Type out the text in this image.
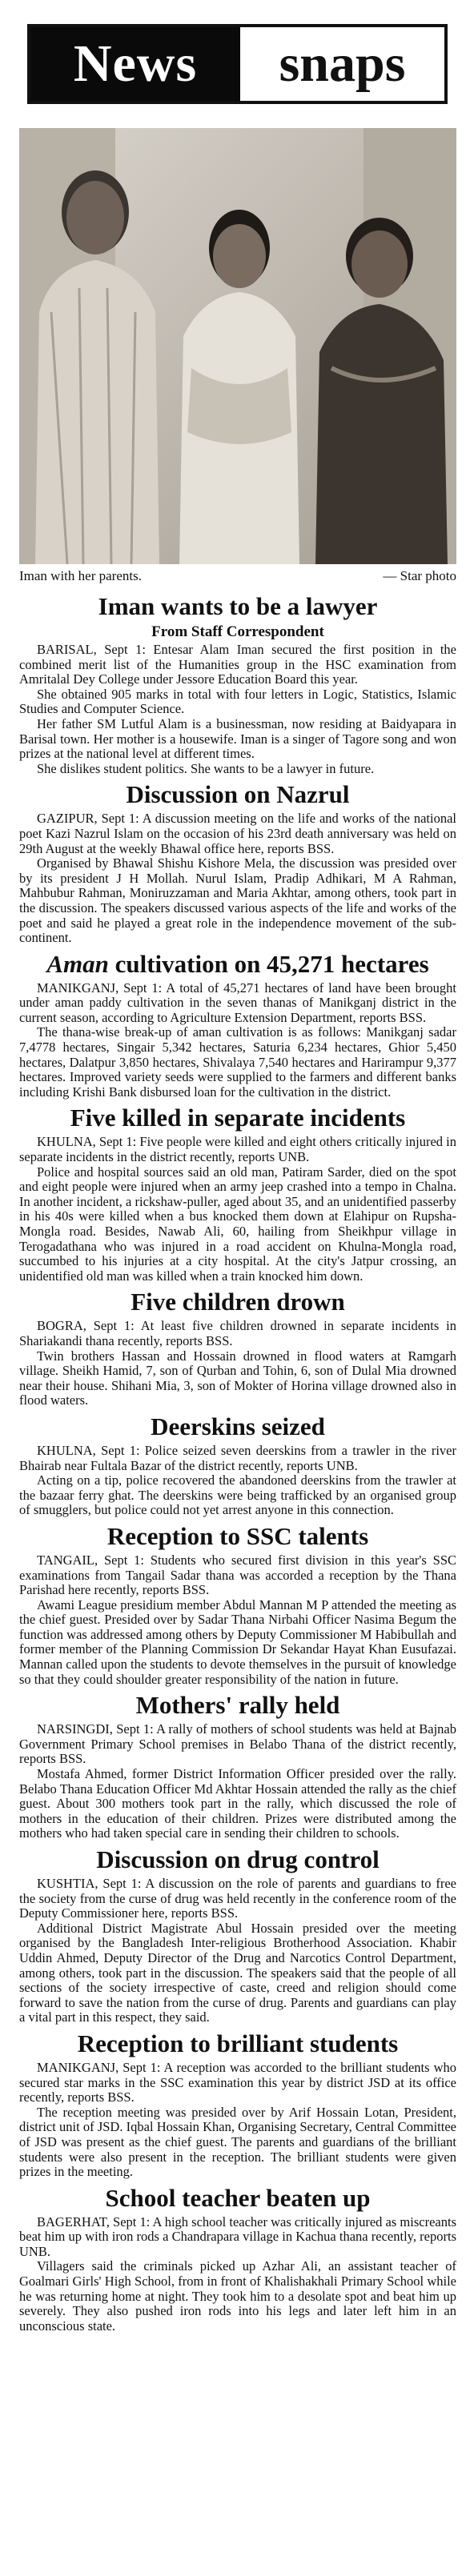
News	snaps
Iman with her parents.	— Star photo
Iman wants to be a lawyer
From Staff Correspondent

BARISAL, Sept 1: Entesar Alam Iman secured the first position in the combined merit list of the Humanities group in the HSC examination from Amritalal Dey College under Jessore Education Board this year.

She obtained 905 marks in total with four letters in Logic, Statistics, Islamic Studies and Computer Science.

Her father SM Lutful Alam is a businessman, now residing at Baidyapara in Barisal town. Her mother is a housewife. Iman is a singer of Tagore song and won prizes at the national level at different times.

She dislikes student politics. She wants to be a lawyer in future.

Discussion on Nazrul

GAZIPUR, Sept 1: A discussion meeting on the life and works of the national poet Kazi Nazrul Islam on the occasion of his 23rd death anniversary was held on 29th August at the weekly Bhawal office here, reports BSS.

Organised by Bhawal Shishu Kishore Mela, the discussion was presided over by its president J H Mollah. Nurul Islam, Pradip Adhikari, M A Rahman, Mahbubur Rahman, Moniruzzaman and Maria Akhtar, among others, took part in the discussion. The speakers discussed various aspects of the life and works of the poet and said he played a great role in the independence movement of the sub-continent.

Aman cultivation on 45,271 hectares

MANIKGANJ, Sept 1: A total of 45,271 hectares of land have been brought under aman paddy cultivation in the seven thanas of Manikganj district in the current season, according to Agriculture Extension Department, reports BSS.

The thana-wise break-up of aman cultivation is as follows: Manikganj sadar 7,4778 hectares, Singair 5,342 hectares, Saturia 6,234 hectares, Ghior 5,450 hectares, Dalatpur 3,850 hectares, Shivalaya 7,540 hectares and Harirampur 9,377 hectares. Improved variety seeds were supplied to the farmers and different banks including Krishi Bank disbursed loan for the cultivation in the district.

Five killed in separate incidents

KHULNA, Sept 1: Five people were killed and eight others critically injured in separate incidents in the district recently, reports UNB.

Police and hospital sources said an old man, Patiram Sarder, died on the spot and eight people were injured when an army jeep crashed into a tempo in Chalna. In another incident, a rickshaw-puller, aged about 35, and an unidentified passerby in his 40s were killed when a bus knocked them down at Elahipur on Rupsha-Mongla road. Besides, Nawab Ali, 60, hailing from Sheikhpur village in Terogadathana who was injured in a road accident on Khulna-Mongla road, succumbed to his injuries at a city hospital. At the city's Jatpur crossing, an unidentified old man was killed when a train knocked him down.

Five children drown

BOGRA, Sept 1: At least five children drowned in separate incidents in Shariakandi thana recently, reports BSS.

Twin brothers Hassan and Hossain drowned in flood waters at Ramgarh village. Sheikh Hamid, 7, son of Qurban and Tohin, 6, son of Dulal Mia drowned near their house. Shihani Mia, 3, son of Mokter of Horina village drowned also in flood waters.

Deerskins seized

KHULNA, Sept 1: Police seized seven deerskins from a trawler in the river Bhairab near Fultala Bazar of the district recently, reports UNB.

Acting on a tip, police recovered the abandoned deerskins from the trawler at the bazaar ferry ghat. The deerskins were being trafficked by an organised group of smugglers, but police could not yet arrest anyone in this connection.

Reception to SSC talents

TANGAIL, Sept 1: Students who secured first division in this year's SSC examinations from Tangail Sadar thana was accorded a reception by the Thana Parishad here recently, reports BSS.

Awami League presidium member Abdul Mannan M P attended the meeting as the chief guest. Presided over by Sadar Thana Nirbahi Officer Nasima Begum the function was addressed among others by Deputy Commissioner M Habibullah and former member of the Planning Commission Dr Sekandar Hayat Khan Eusufazai. Mannan called upon the students to devote themselves in the pursuit of knowledge so that they could shoulder greater responsibility of the nation in future.

Mothers' rally held

NARSINGDI, Sept 1: A rally of mothers of school students was held at Bajnab Government Primary School premises in Belabo Thana of the district recently, reports BSS.

Mostafa Ahmed, former District Information Officer presided over the rally. Belabo Thana Education Officer Md Akhtar Hossain attended the rally as the chief guest. About 300 mothers took part in the rally, which discussed the role of mothers in the education of their children. Prizes were distributed among the mothers who had taken special care in sending their children to schools.

Discussion on drug control

KUSHTIA, Sept 1: A discussion on the role of parents and guardians to free the society from the curse of drug was held recently in the conference room of the Deputy Commissioner here, reports BSS.

Additional District Magistrate Abul Hossain presided over the meeting organised by the Bangladesh Inter-religious Brotherhood Association. Khabir Uddin Ahmed, Deputy Director of the Drug and Narcotics Control Department, among others, took part in the discussion. The speakers said that the people of all sections of the society irrespective of caste, creed and religion should come forward to save the nation from the curse of drug. Parents and guardians can play a vital part in this respect, they said.

Reception to brilliant students

MANIKGANJ, Sept 1: A reception was accorded to the brilliant students who secured star marks in the SSC examination this year by district JSD at its office recently, reports BSS.

The reception meeting was presided over by Arif Hossain Lotan, President, district unit of JSD. Iqbal Hossain Khan, Organising Secretary, Central Committee of JSD was present as the chief guest. The parents and guardians of the brilliant students were also present in the reception. The brilliant students were given prizes in the meeting.

School teacher beaten up

BAGERHAT, Sept 1: A high school teacher was critically injured as miscreants beat him up with iron rods a Chandrapara village in Kachua thana recently, reports UNB.

Villagers said the criminals picked up Azhar Ali, an assistant teacher of Goalmari Girls' High School, from in front of Khalishakhali Primary School while he was returning home at night. They took him to a desolate spot and beat him up severely. They also pushed iron rods into his legs and later left him in an unconscious state.
